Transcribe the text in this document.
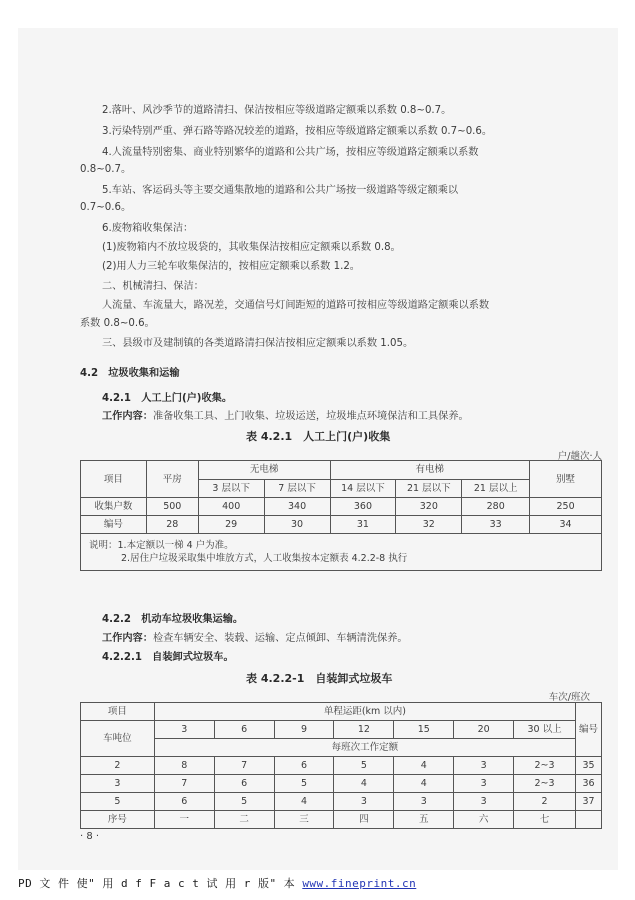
2.落叶、风沙季节的道路清扫、保洁按相应等级道路定额乘以系数 0.8~0.7。
3.污染特别严重、弹石路等路况较差的道路，按相应等级道路定额乘以系数 0.7~0.6。
4.人流量特别密集、商业特别繁华的道路和公共广场，按相应等级道路定额乘以系数
0.8~0.7。
5.车站、客运码头等主要交通集散地的道路和公共广场按一级道路等级定额乘以
0.7~0.6。
6.废物箱收集保洁：
(1)废物箱内不放垃圾袋的，其收集保洁按相应定额乘以系数 0.8。
(2)用人力三轮车收集保洁的，按相应定额乘以系数 1.2。
二、机械清扫、保洁：
人流量、车流量大，路况差，交通信号灯间距短的道路可按相应等级道路定额乘以系数
系数 0.8~0.6。
三、县级市及建制镇的各类道路清扫保洁按相应定额乘以系数 1.05。
4.2　垃圾收集和运输
4.2.1　人工上门(户)收集。
工作内容：准备收集工具、上门收集、垃圾运送，垃圾堆点环境保洁和工具保养。
表 4.2.1　人工上门(户)收集
户/趟次·人
项目	平房	无电梯		有电梯			别墅
		3 层以下	7 层以下	14 层以下	21 层以下	21 层以上	
收集户数	500	400	340	360	320	280	250
编号	28	29	30	31	32	33	34

说明：1.本定额以一梯 4 户为准。
2.居住户垃圾采取集中堆放方式，人工收集按本定额表 4.2.2-8 执行							
4.2.2　机动车垃圾收集运输。
工作内容：检查车辆安全、装载、运输、定点倾卸、车辆清洗保养。
4.2.2.1　自装卸式垃圾车。
表 4.2.2-1　自装卸式垃圾车
车次/班次
项目	单程运距(km 以内)							编号
车吨位	3	6	9	12	15	20	30 以上	
	每班次工作定额							
2	8	7	6	5	4	3	2~3	35
3	7	6	5	4	4	3	2~3	36
5	6	5	4	3	3	3	2	37
序号	一	二	三	四	五	六	七	
· 8 ·
PD 文 件 使" 用 d f F a c t 试 用 r 版" 本 www.fineprint.cn
